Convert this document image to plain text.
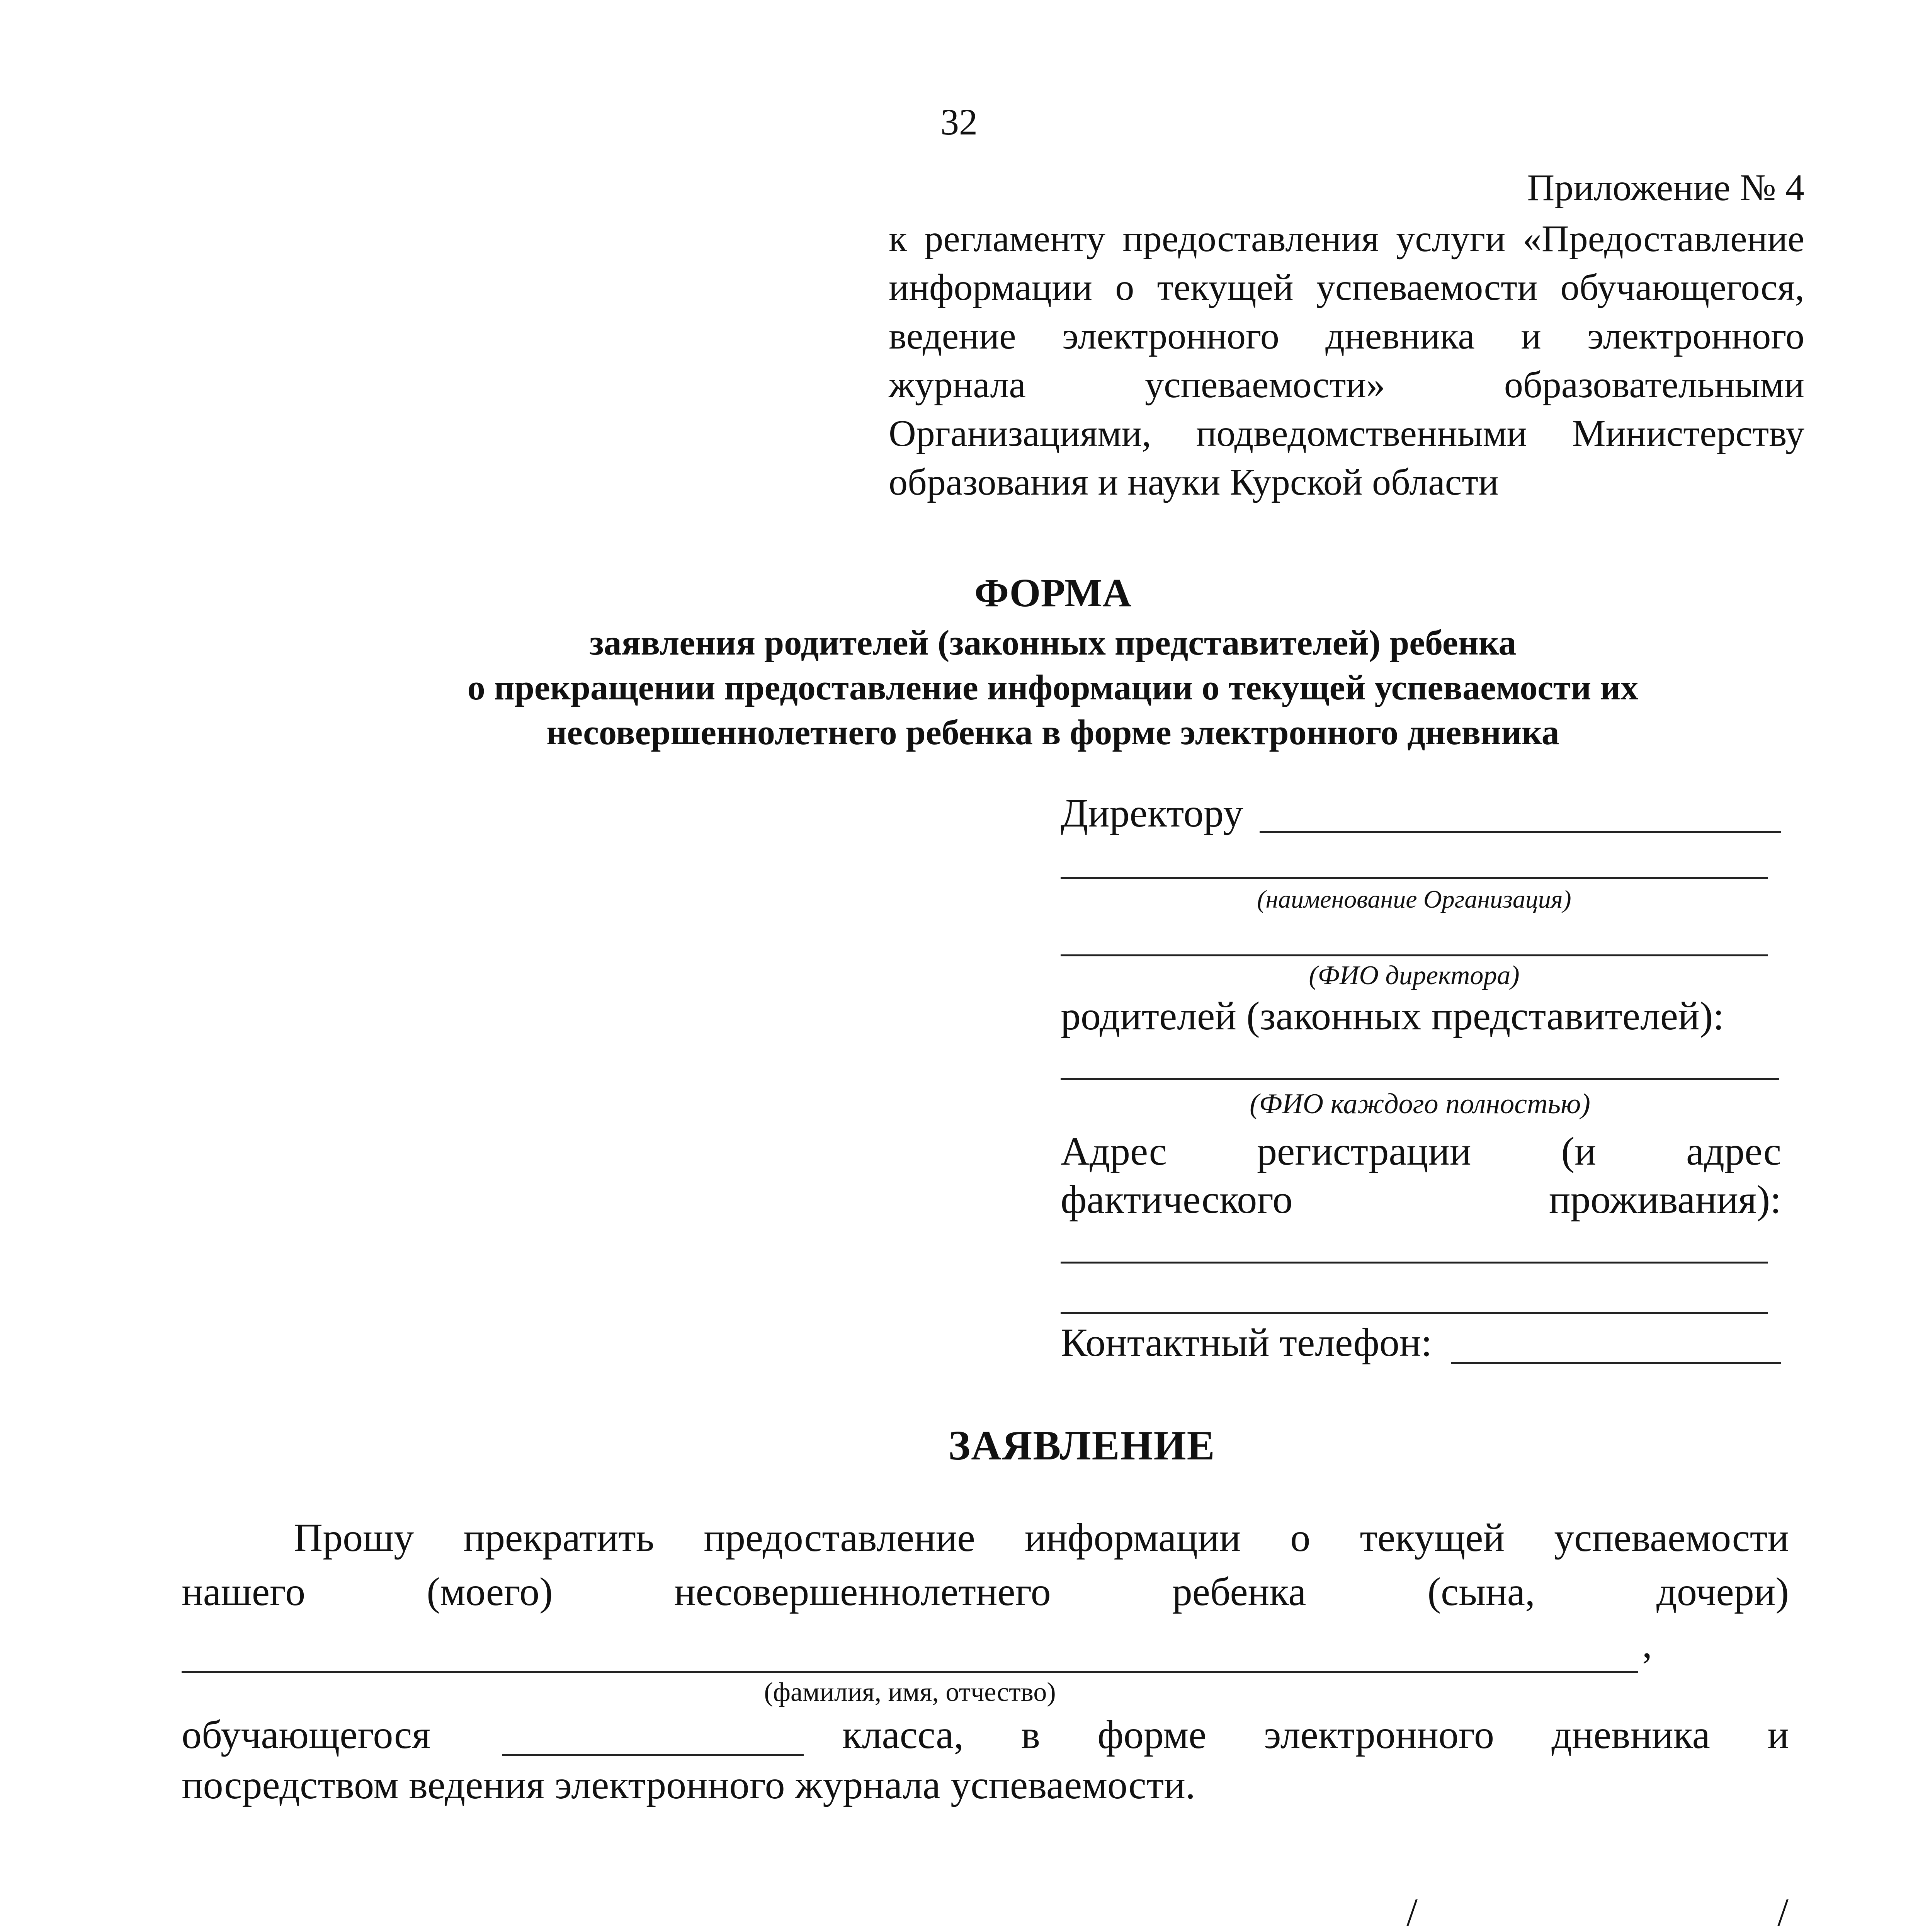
32
Приложение № 4
к регламенту предоставления услуги «Предоставление
информации о текущей успеваемости обучающегося,
ведение электронного дневника и электронного
журнала успеваемости» образовательными
Организациями, подведомственными Министерству
образования и науки Курской области
ФОРМА
заявления родителей (законных представителей) ребенка
о прекращении предоставление информации о текущей успеваемости их
несовершеннолетнего ребенка в форме электронного дневника
Директору
(наименование Организация)
(ФИО директора)
родителей (законных представителей):
(ФИО каждого полностью)
Адрес регистрации (и адрес
фактического	проживания):
Контактный телефон:
ЗАЯВЛЕНИЕ
Прошу прекратить предоставление информации о текущей успеваемости
нашего	(моего)	несовершеннолетнего	ребенка	(сына,	дочери)
,
(фамилия, имя, отчество)
обучающегося	класса, в форме электронного дневника и
посредством ведения электронного журнала успеваемости.
/	/
